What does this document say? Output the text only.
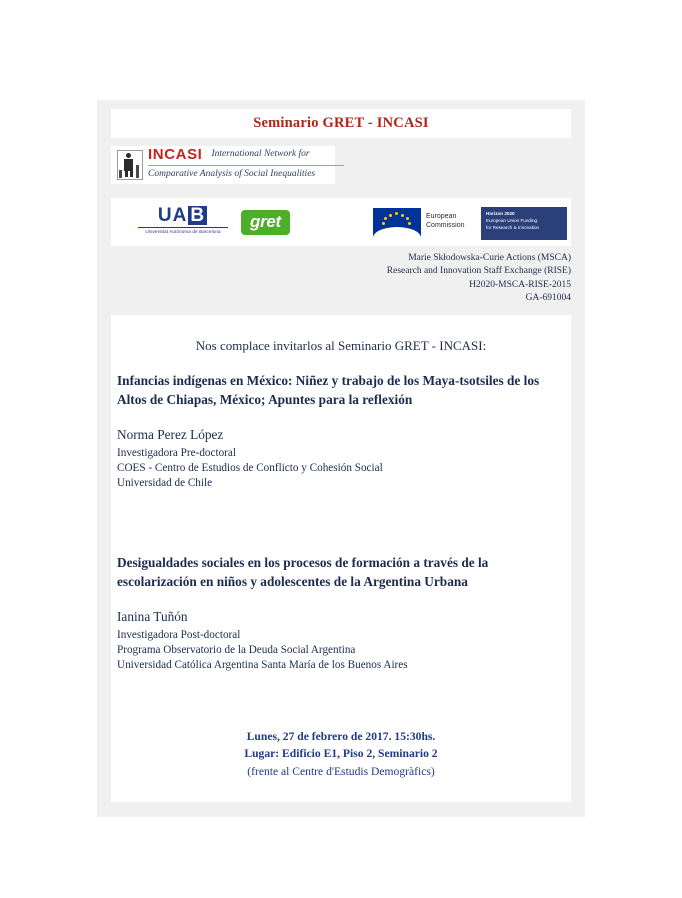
Seminario GRET - INCASI
INCASI International Network for
Comparative Analysis of Social Inequalities
UA B
Universitat Autònoma de Barcelona
gret	European
Commission
Horizon 2020
European Union Funding
for Research & Innovation
Marie Skłodowska-Curie Actions (MSCA)
Research and Innovation Staff Exchange (RISE)
H2020-MSCA-RISE-2015
GA-691004
Nos complace invitarlos al Seminario GRET - INCASI:

Infancias indígenas en México: Niñez y trabajo de los Maya-tsotsiles de los Altos de Chiapas, México; Apuntes para la reflexión

Norma Perez López

Investigadora Pre-doctoral

COES - Centro de Estudios de Conflicto y Cohesión Social

Universidad de Chile

Desigualdades sociales en los procesos de formación a través de la escolarización en niños y adolescentes de la Argentina Urbana

Ianina Tuñón

Investigadora Post-doctoral

Programa Observatorio de la Deuda Social Argentina

Universidad Católica Argentina Santa María de los Buenos Aires

Lunes, 27 de febrero de 2017. 15:30hs.
Lugar: Edificio E1, Piso 2, Seminario 2
(frente al Centre d'Estudis Demogràfics)
